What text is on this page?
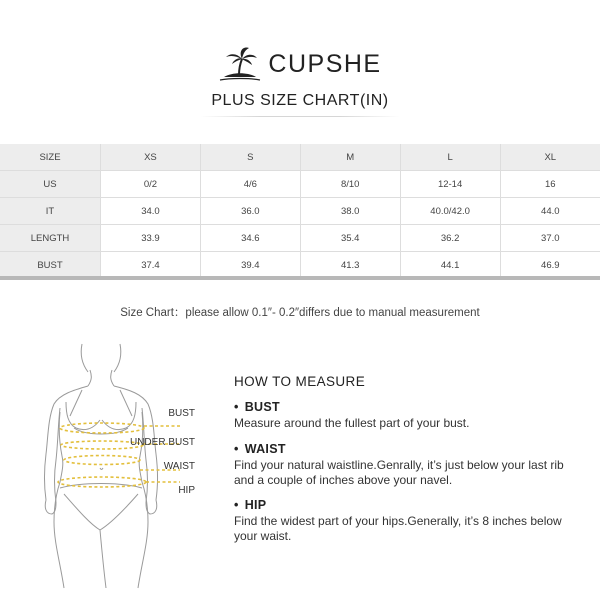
CUPSHE
PLUS SIZE CHART(IN)
SIZE	XS	S	M	L	XL
US	0/2	4/6	8/10	12-14	16
IT	34.0	36.0	38.0	40.0/42.0	44.0
LENGTH	33.9	34.6	35.4	36.2	37.0
BUST	37.4	39.4	41.3	44.1	46.9
Size Chart：please allow 0.1″- 0.2″differs due to manual measurement
BUST
UNDER BUST
WAIST
HIP
HOW TO MEASURE
• BUST
Measure around the fullest part of your bust.
• WAIST
Find your natural waistline.Genrally, it’s just below your last rib and a couple of inches above your navel.
• HIP
Find the widest part of your hips.Generally, it’s 8 inches below your waist.
